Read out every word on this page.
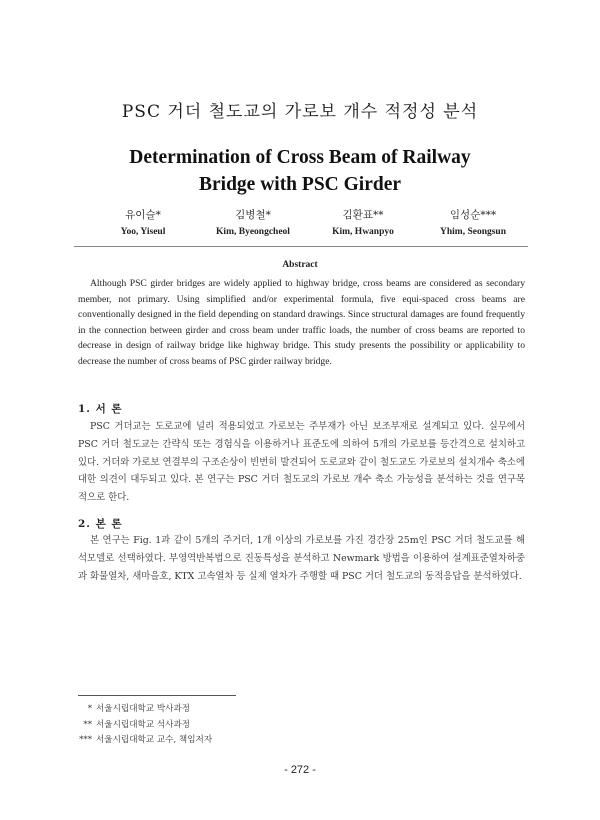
PSC 거더 철도교의 가로보 개수 적정성 분석
Determination of Cross Beam of Railway
Bridge with PSC Girder
유이슬*
Yoo, Yiseul
김병철*
Kim, Byeongcheol
김환표**
Kim, Hwanpyo
임성순***
Yhim, Seongsun
Abstract
Although PSC girder bridges are widely applied to highway bridge, cross beams are considered as secondary member, not primary. Using simplified and/or experimental formula, five equi-spaced cross beams are conventionally designed in the field depending on standard drawings. Since structural damages are found frequently in the connection between girder and cross beam under traffic loads, the number of cross beams are reported to decrease in design of railway bridge like highway bridge. This study presents the possibility or applicability to decrease the number of cross beams of PSC girder railway bridge.
1. 서 론
PSC 거더교는 도로교에 널리 적용되었고 가로보는 주부재가 아닌 보조부재로 설계되고 있다. 실무에서 PSC 거더 철도교는 간략식 또는 경험식을 이용하거나 표준도에 의하여 5개의 가로보를 등간격으로 설치하고 있다. 거더와 가로보 연결부의 구조손상이 빈번히 발견되어 도로교와 같이 철도교도 가로보의 설치개수 축소에 대한 의견이 대두되고 있다. 본 연구는 PSC 거더 철도교의 가로보 개수 축소 가능성을 분석하는 것을 연구목적으로 한다.
2. 본 론
본 연구는 Fig. 1과 같이 5개의 주거더, 1개 이상의 가로보를 가진 경간장 25m인 PSC 거더 철도교를 해석모델로 선택하였다. 부영역반복법으로 진동특성을 분석하고 Newmark 방법을 이용하여 설계표준열차하중과 화물열차, 새마을호, KTX 고속열차 등 실제 열차가 주행할 때 PSC 거더 철도교의 동적응답을 분석하였다.
* 서울시립대학교 박사과정
** 서울시립대학교 석사과정
*** 서울시립대학교 교수, 책임저자
- 272 -
